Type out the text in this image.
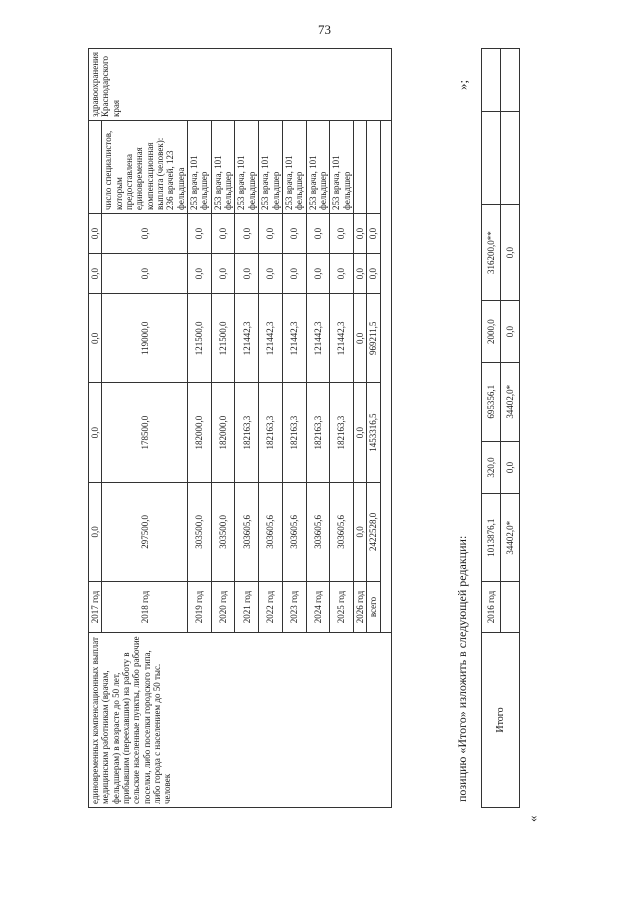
73
единовременных компенсационных выплат медицинским работникам (врачам, фельдшерам) в возрасте до 50 лет, прибывшим (переехавшим) на работу в сельские населенные пункты, либо рабочие поселки, либо поселки городского типа, либо города с населением до 50 тыс. человек	2017 год	0,0	0,0	0,0	0,0	0,0		здравоохранения Краснодарского края
	2018 год	297500,0	178500,0	119000,0	0,0	0,0	число специалистов, которым предоставлена единовременная компенсационная выплата (человек): 236 врачей, 123 фельдшера	
	2019 год	303500,0	182000,0	121500,0	0,0	0,0	253 врача, 101 фельдшер	
	2020 год	303500,0	182000,0	121500,0	0,0	0,0	253 врача, 101 фельдшер	
	2021 год	303605,6	182163,3	121442,3	0,0	0,0	253 врача, 101 фельдшер	
	2022 год	303605,6	182163,3	121442,3	0,0	0,0	253 врача, 101 фельдшер	
	2023 год	303605,6	182163,3	121442,3	0,0	0,0	253 врача, 101 фельдшер	
	2024 год	303605,6	182163,3	121442,3	0,0	0,0	253 врача, 101 фельдшер	
	2025 год	303605,6	182163,3	121442,3	0,0	0,0	253 врача, 101 фельдшер	
	2026 год	0,0	0,0	0,0	0,0	0,0		
	всего	2422528,0	1453316,5	969211,5	0,0	0,0		

позицию «Итого» изложить в следующей редакции:
»;
«
Итого	2016 год	1013876,1	320,0	695356,1	2000,0	316200,0**		
		34402,0*	0,0	34402,0*	0,0	0,0		
